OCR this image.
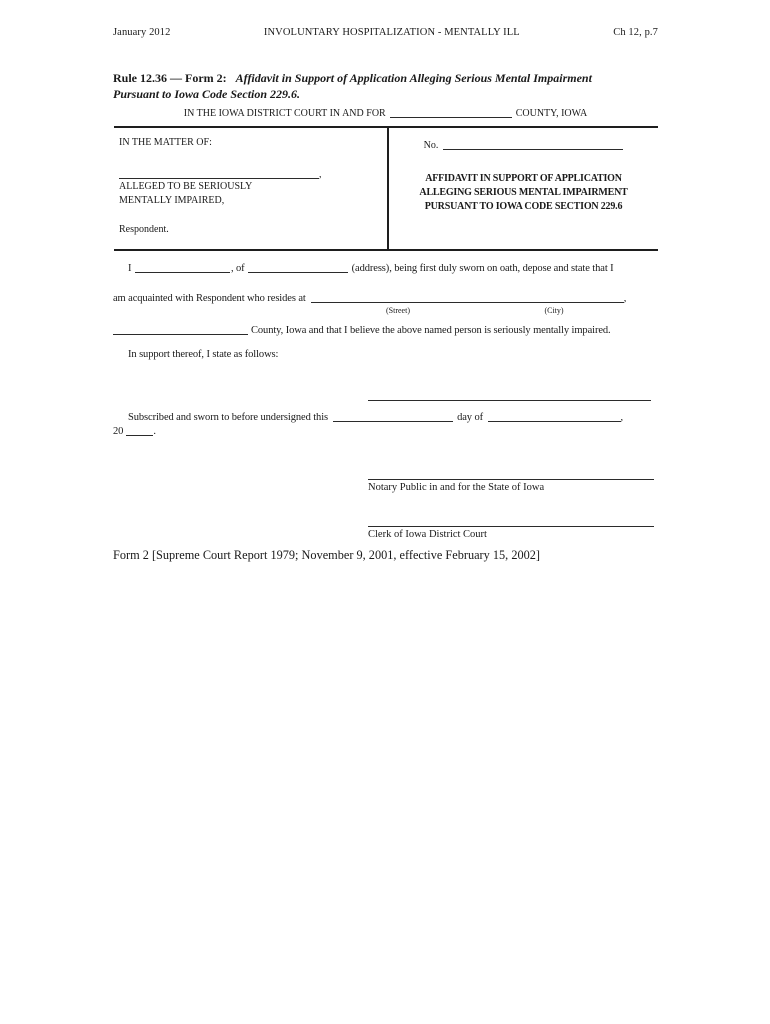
January 2012	INVOLUNTARY HOSPITALIZATION - MENTALLY ILL	Ch 12, p.7
Rule 12.36 — Form 2: Affidavit in Support of Application Alleging Serious Mental Impairment
Pursuant to Iowa Code Section 229.6.
IN THE IOWA DISTRICT COURT IN AND FOR	COUNTY, IOWA
IN THE MATTER OF:
,
ALLEGED TO BE SERIOUSLY
MENTALLY IMPAIRED,
Respondent.
No.
AFFIDAVIT IN SUPPORT OF APPLICATION
ALLEGING SERIOUS MENTAL IMPAIRMENT
PURSUANT TO IOWA CODE SECTION 229.6
I	, of	(address), being first duly sworn on oath, depose and state that I
am acquainted with Respondent who resides at	,
(Street)	(City)
County, Iowa and that I believe the above named person is seriously mentally impaired.
In support thereof, I state as follows:
Subscribed and sworn to before undersigned this	day of	,
20	.
Notary Public in and for the State of Iowa
Clerk of Iowa District Court
Form 2 [Supreme Court Report 1979; November 9, 2001, effective February 15, 2002]
